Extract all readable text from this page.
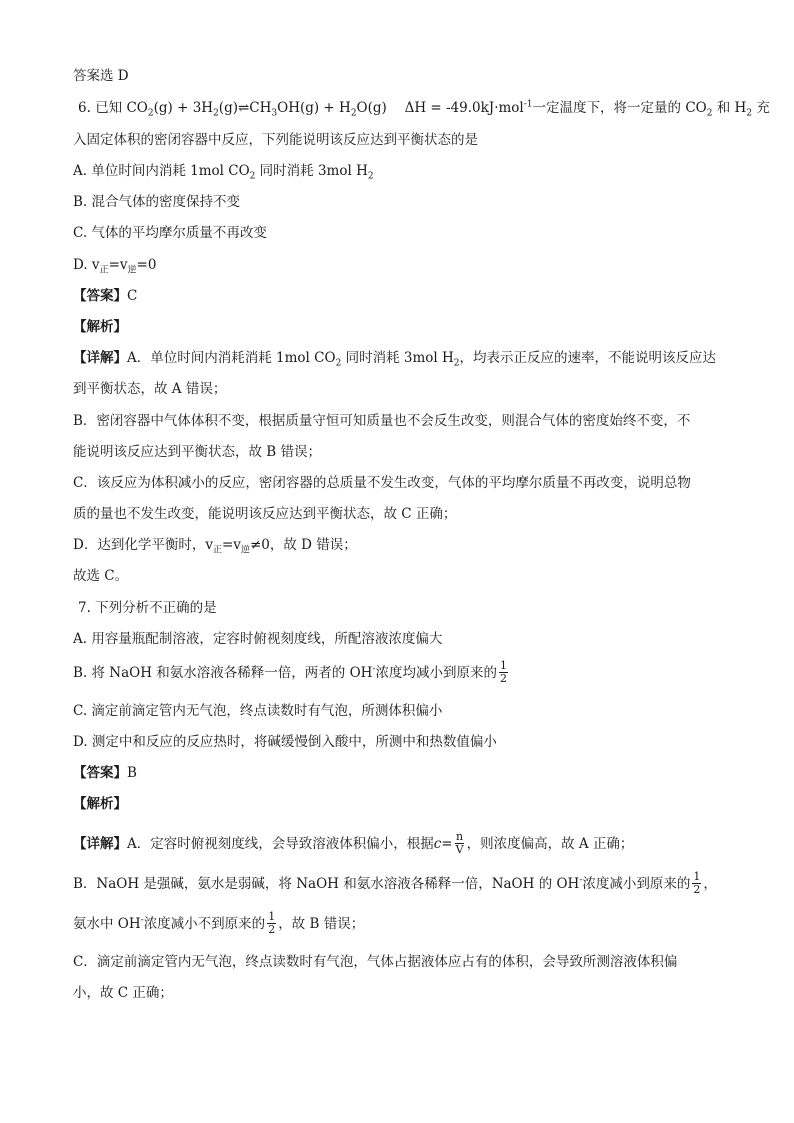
答案选 D
6. 已知 $CO_2(g)$ + $3H_2(g)\rightleftharpoons CH_3OH(g) + H_2O(g)$　 ΔH = -49.0kJ·mol$^{-1}$一定温度下，将一定量的 $CO_2$ 和 $H_2$ 充
入固定体积的密闭容器中反应，下列能说明该反应达到平衡状态的是
A. 单位时间内消耗 1mol $CO_2$ 同时消耗 3mol $H_2$
B. 混合气体的密度保持不变
C. 气体的平均摩尔质量不再改变
D. $v_正=v_逆=0$
【答案】C
【解析】
【详解】A．单位时间内消耗消耗 1mol $CO_2$ 同时消耗 3mol $H_2$，均表示正反应的速率，不能说明该反应达
到平衡状态，故 A 错误；
B．密闭容器中气体体积不变，根据质量守恒可知质量也不会反生改变，则混合气体的密度始终不变，不
能说明该反应达到平衡状态，故 B 错误；
C．该反应为体积减小的反应，密闭容器的总质量不发生改变，气体的平均摩尔质量不再改变，说明总物
质的量也不发生改变，能说明该反应达到平衡状态，故 C 正确；
D．达到化学平衡时，$v_正=v_逆\ne 0$，故 D 错误；
故选 C。
7. 下列分析不正确的是
A. 用容量瓶配制溶液，定容时俯视刻度线，所配溶液浓度偏大
B. 将 NaOH 和氨水溶液各稀释一倍，两者的 OH-浓度均减小到原来的 $\frac{1}{2}$
C. 滴定前滴定管内无气泡，终点读数时有气泡，所测体积偏小
D. 测定中和反应的反应热时，将碱缓慢倒入酸中，所测中和热数值偏小
【答案】B
【解析】
【详解】A．定容时俯视刻度线，会导致溶液体积偏小，根据$c= \frac{n}{V}$ ，则浓度偏高，故 A 正确；
B．NaOH 是强碱，氨水是弱碱，将 NaOH 和氨水溶液各稀释一倍，NaOH 的 OH-浓度减小到原来的 $\frac{1}{2}$ ，
氨水中 OH-浓度减小不到原来的 $\frac{1}{2}$ ，故 B 错误；
C．滴定前滴定管内无气泡，终点读数时有气泡，气体占据液体应占有的体积，会导致所测溶液体积偏
小，故 C 正确；
